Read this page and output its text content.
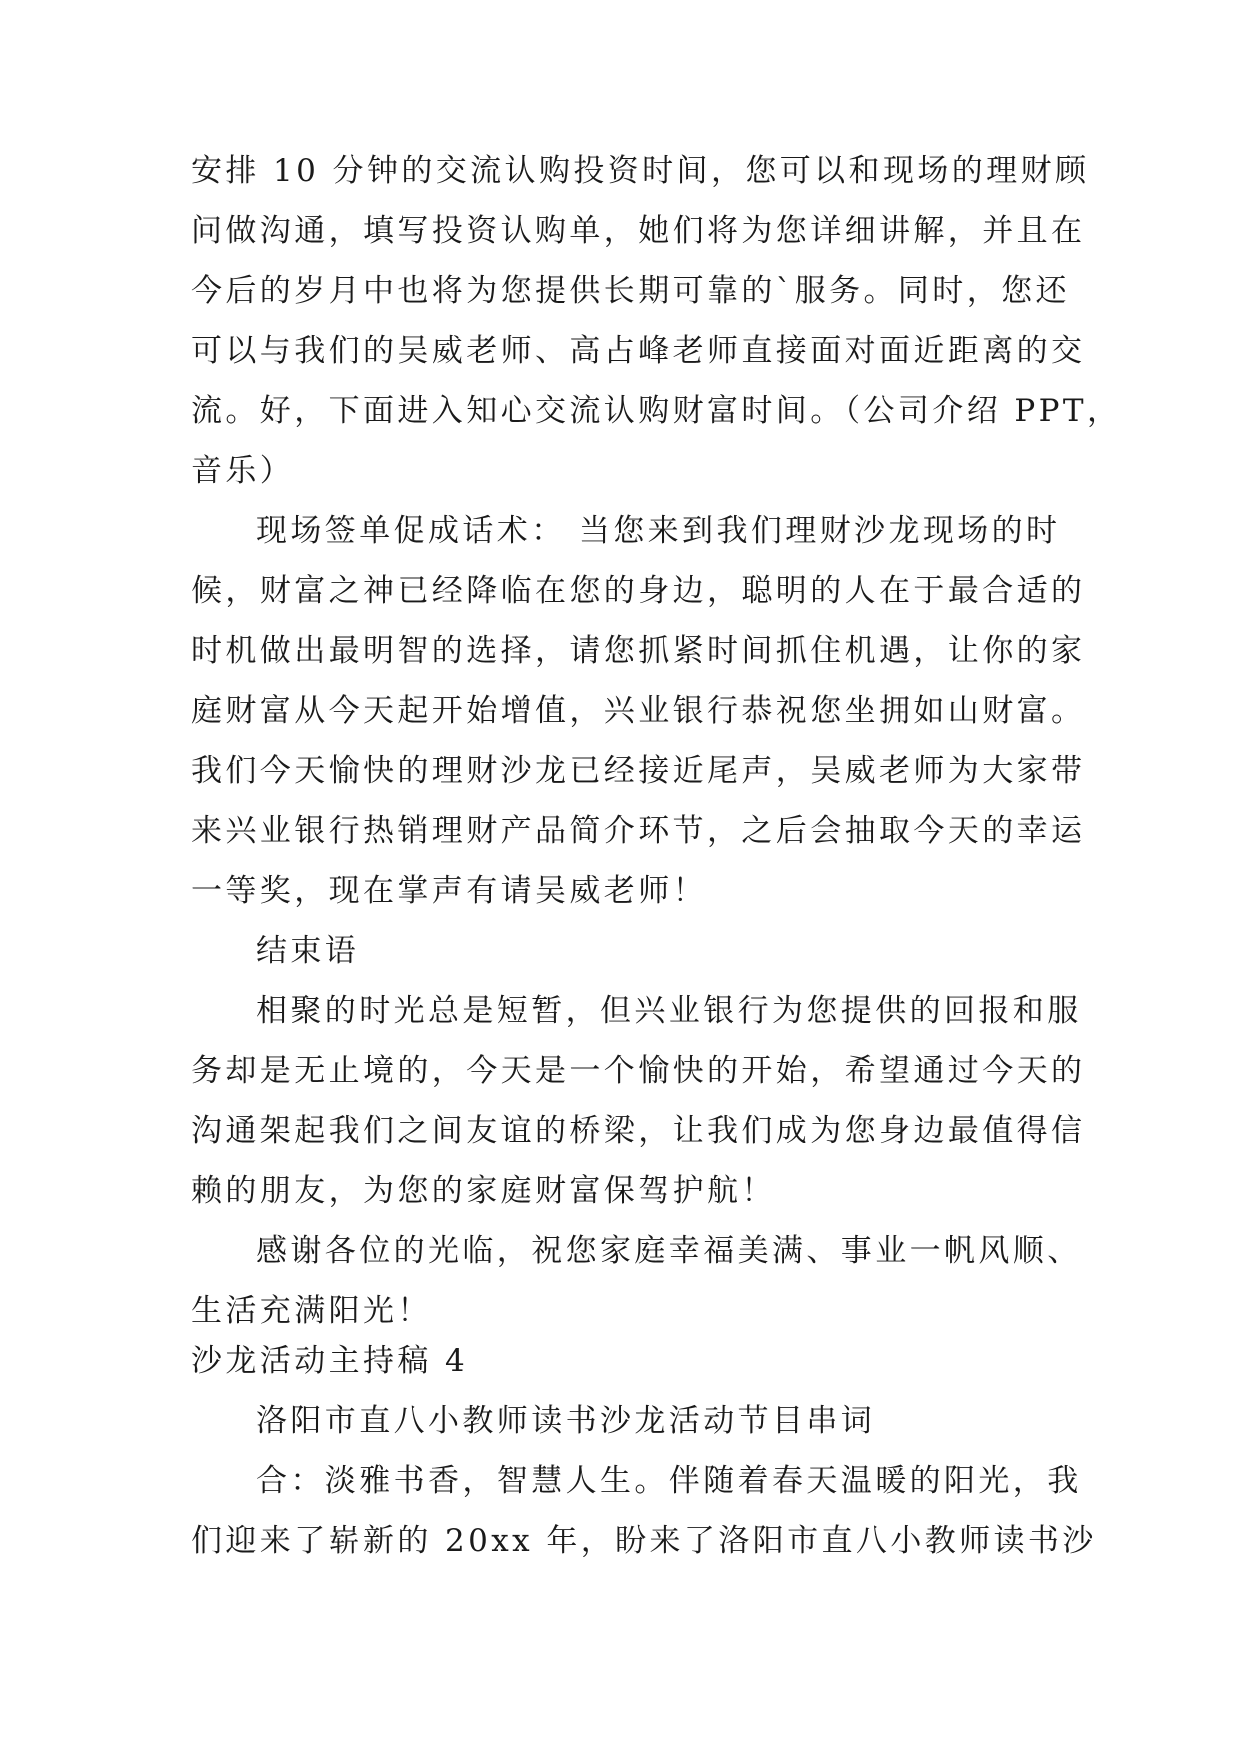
安排 10 分钟的交流认购投资时间，您可以和现场的理财顾
问做沟通，填写投资认购单，她们将为您详细讲解，并且在
今后的岁月中也将为您提供长期可靠的`服务。同时，您还
可以与我们的吴威老师、高占峰老师直接面对面近距离的交
流。好，下面进入知心交流认购财富时间。（公司介绍 PPT，
音乐）
现场签单促成话术： 当您来到我们理财沙龙现场的时
候，财富之神已经降临在您的身边，聪明的人在于最合适的
时机做出最明智的选择，请您抓紧时间抓住机遇，让你的家
庭财富从今天起开始增值，兴业银行恭祝您坐拥如山财富。
我们今天愉快的理财沙龙已经接近尾声，吴威老师为大家带
来兴业银行热销理财产品简介环节，之后会抽取今天的幸运
一等奖，现在掌声有请吴威老师！
结束语
相聚的时光总是短暂，但兴业银行为您提供的回报和服
务却是无止境的，今天是一个愉快的开始，希望通过今天的
沟通架起我们之间友谊的桥梁，让我们成为您身边最值得信
赖的朋友，为您的家庭财富保驾护航！
感谢各位的光临，祝您家庭幸福美满、事业一帆风顺、
生活充满阳光！
沙龙活动主持稿 4
洛阳市直八小教师读书沙龙活动节目串词
合：淡雅书香，智慧人生。伴随着春天温暖的阳光，我
们迎来了崭新的 20xx 年，盼来了洛阳市直八小教师读书沙
